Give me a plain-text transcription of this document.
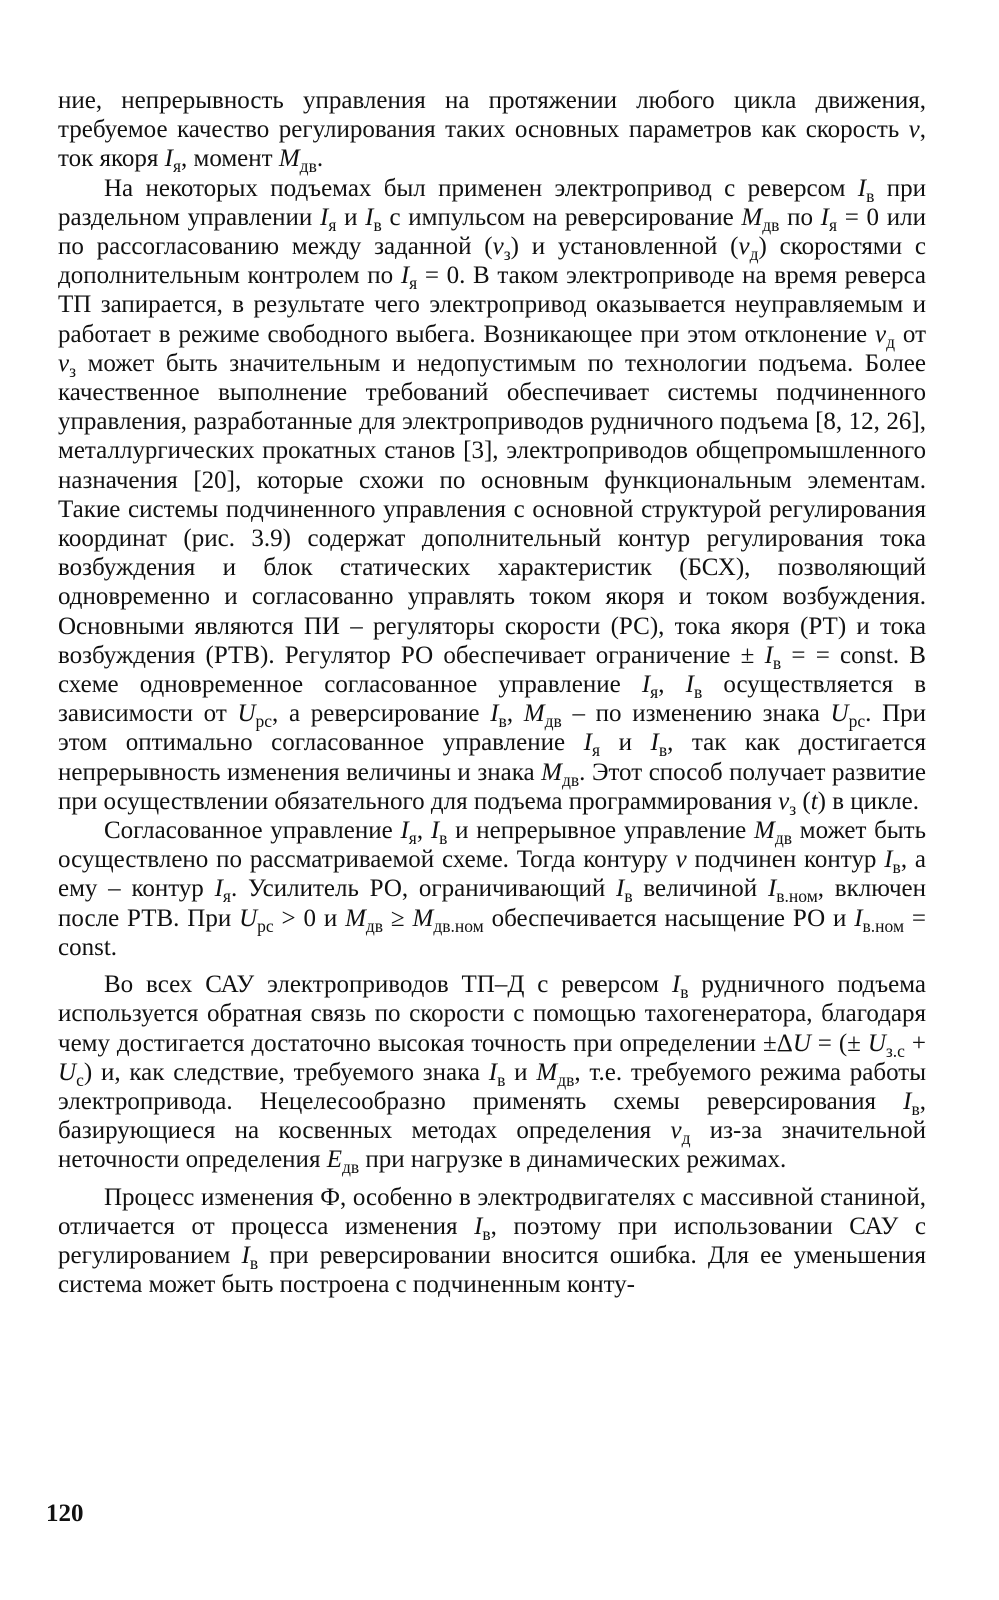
ние, непрерывность управления на протяжении любого цикла движения, требуемое качество регулирования таких основных параметров как скорость v, ток якоря $I_я$, момент $M_{дв}$.

На некоторых подъемах был применен электропривод с реверсом $I_в$ при раздельном управлении $I_я$ и $I_в$ с импульсом на реверсирование $M_{дв}$ по $I_я = 0$ или по рассогласованию между заданной $(v_з)$ и установленной $(v_д)$ скоростями с дополнительным контролем по $I_я = 0$. В таком электроприводе на время реверса ТП запирается, в результате чего электропривод оказывается неуправляемым и работает в режиме свободного выбега. Возникающее при этом отклонение $v_д$ от $v_з$ может быть значительным и недопустимым по технологии подъема. Более качественное выполнение требований обеспечивает системы подчиненного управления, разработанные для электроприводов рудничного подъема [8, 12, 26], металлургических прокатных станов [3], электроприводов общепромышленного назначения [20], которые схожи по основным функциональным элементам. Такие системы подчиненного управления с основной структурой регулирования координат (рис. 3.9) содержат дополнительный контур регулирования тока возбуждения и блок статических характеристик (БСХ), позволяющий одновременно и согласованно управлять током якоря и током возбуждения. Основными являются ПИ – регуляторы скорости (РС), тока якоря (РТ) и тока возбуждения (РТВ). Регулятор РО обеспечивает ограничение ± $I_в$ = = const. В схеме одновременное согласованное управление $I_я$, $I_в$ осуществляется в зависимости от $U_{рс}$, а реверсирование $I_в$, $M_{дв}$ – по изменению знака $U_{рс}$. При этом оптимально согласованное управление $I_я$ и $I_в$, так как достигается непрерывность изменения величины и знака $M_{дв}$. Этот способ получает развитие при осуществлении обязательного для подъема программирования $v_з$ (t) в цикле.

Согласованное управление $I_я$, $I_в$ и непрерывное управление $M_{дв}$ может быть осуществлено по рассматриваемой схеме. Тогда контуру v подчинен контур $I_в$, а ему – контур $I_я$. Усилитель РО, ограничивающий $I_в$ величиной $I_{в.ном}$, включен после РТВ. При $U_{рс} > 0$ и $M_{дв} \ge M_{дв.ном}$ обеспечивается насыщение РО и $I_{в.ном}$ = const.

Во всех САУ электроприводов ТП–Д с реверсом $I_в$ рудничного подъема используется обратная связь по скорости с помощью тахогенератора, благодаря чему достигается достаточно высокая точность при определении ±ΔU = (± $U_{з.с} + U_с$) и, как следствие, требуемого знака $I_в$ и $M_{дв}$, т.е. требуемого режима работы электропривода. Нецелесообразно применять схемы реверсирования $I_в$, базирующиеся на косвенных методах определения $v_д$ из-за значительной неточности определения $E_{дв}$ при нагрузке в динамических режимах.

Процесс изменения Ф, особенно в электродвигателях с массивной станиной, отличается от процесса изменения $I_в$, поэтому при использовании САУ с регулированием $I_в$ при реверсировании вносится ошибка. Для ее уменьшения система может быть построена с подчиненным конту-

120
